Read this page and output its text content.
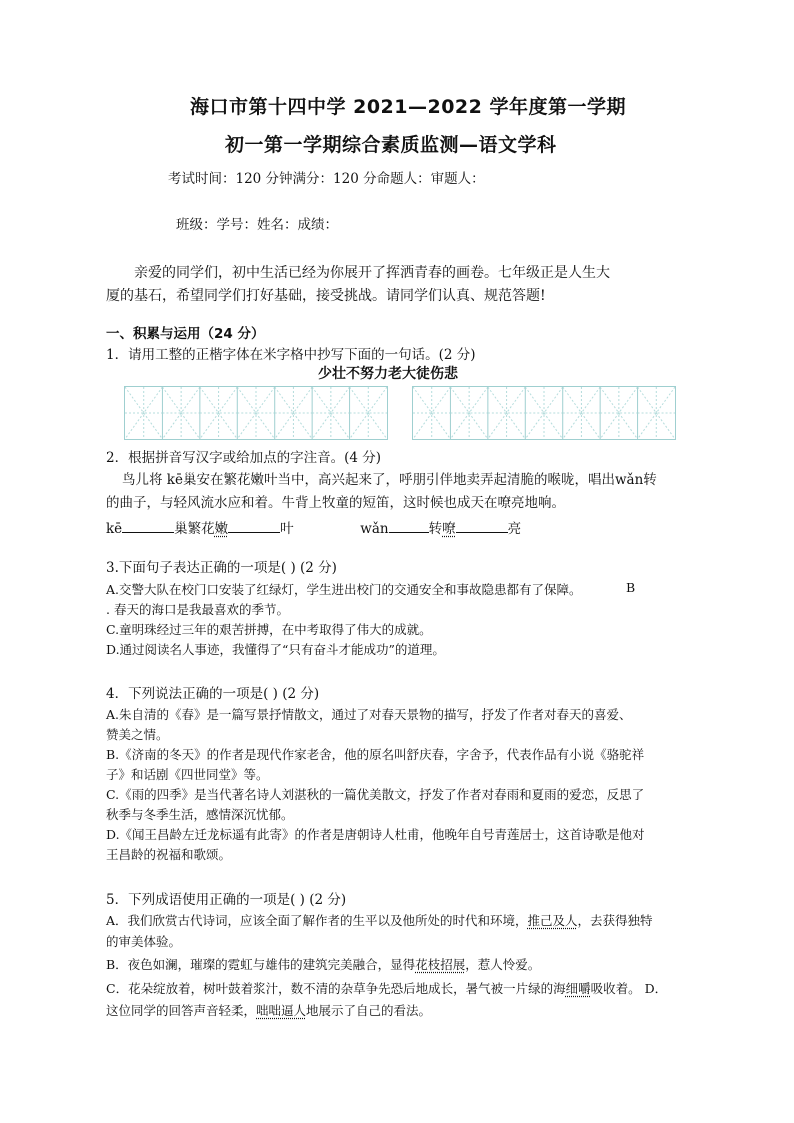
海口市第十四中学 2021—2022 学年度第一学期
初一第一学期综合素质监测—语文学科
考试时间：120 分钟满分：120 分命题人：审题人：
班级：学号：姓名：成绩：
亲爱的同学们，初中生活已经为你展开了挥洒青春的画卷。七年级正是人生大
厦的基石，希望同学们打好基础，接受挑战。请同学们认真、规范答题!
一、积累与运用（24 分）
1．请用工整的正楷字体在米字格中抄写下面的一句话。(2 分)
少壮不努力老大徒伤悲
2．根据拼音写汉字或给加点的字注音。(4 分)
鸟儿将 kē巢安在繁花嫩叶当中，高兴起来了，呼朋引伴地卖弄起清脆的喉咙，唱出wǎn转
的曲子，与轻风流水应和着。牛背上牧童的短笛，这时候也成天在嘹亮地响。
kē	巢繁花嫩	叶	wǎn	转嘹	亮
3.下面句子表达正确的一项是( ) (2 分)
A.交警大队在校门口安装了红绿灯，学生进出校门的交通安全和事故隐患都有了保障。	B
. 春天的海口是我最喜欢的季节。
C.童明珠经过三年的艰苦拼搏，在中考取得了伟大的成就。
D.通过阅读名人事迹，我懂得了“只有奋斗才能成功”的道理。
4．下列说法正确的一项是( ) (2 分)
A.朱自清的《春》是一篇写景抒情散文，通过了对春天景物的描写，抒发了作者对春天的喜爱、
赞美之情。
B.《济南的冬天》的作者是现代作家老舍，他的原名叫舒庆春，字舍予，代表作品有小说《骆驼祥
子》和话剧《四世同堂》等。
C.《雨的四季》是当代著名诗人刘湛秋的一篇优美散文，抒发了作者对春雨和夏雨的爱恋，反思了
秋季与冬季生活，感情深沉忧郁。
D.《闻王昌龄左迁龙标遥有此寄》的作者是唐朝诗人杜甫，他晚年自号青莲居士，这首诗歌是他对
王昌龄的祝福和歌颂。
5．下列成语使用正确的一项是( ) (2 分)
A．我们欣赏古代诗词，应该全面了解作者的生平以及他所处的时代和环境，推己及人，去获得独特
的审美体验。
B．夜色如澜，璀璨的霓虹与雄伟的建筑完美融合，显得花枝招展，惹人怜爱。
C．花朵绽放着，树叶鼓着浆汁，数不清的杂草争先恐后地成长，暑气被一片绿的海细嚼吸收着。 D．
这位同学的回答声音轻柔，咄咄逼人地展示了自己的看法。
